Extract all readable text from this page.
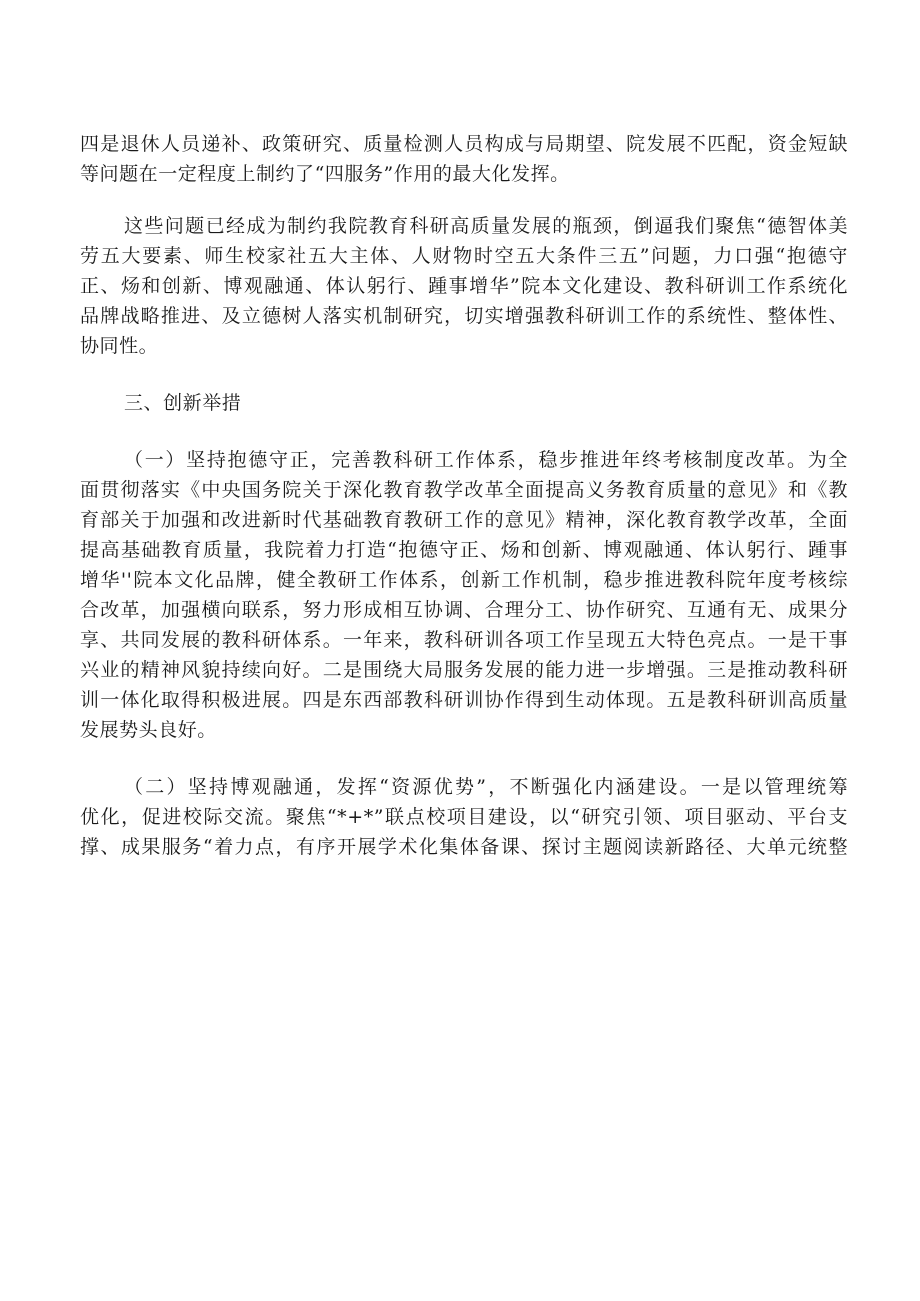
四是退休人员递补、政策研究、质量检测人员构成与局期望、院发展不匹配，资金短缺
等问题在一定程度上制约了“四服务”作用的最大化发挥。
这些问题已经成为制约我院教育科研高质量发展的瓶颈，倒逼我们聚焦“德智体美
劳五大要素、师生校家社五大主体、人财物时空五大条件三五”问题，力口强“抱德守
正、炀和创新、博观融通、体认躬行、踵事增华”院本文化建设、教科研训工作系统化
品牌战略推进、及立德树人落实机制研究，切实增强教科研训工作的系统性、整体性、
协同性。
三、创新举措
（一）坚持抱德守正，完善教科研工作体系，稳步推进年终考核制度改革。为全
面贯彻落实《中央国务院关于深化教育教学改革全面提高义务教育质量的意见》和《教
育部关于加强和改进新时代基础教育教研工作的意见》精神，深化教育教学改革，全面
提高基础教育质量，我院着力打造“抱德守正、炀和创新、博观融通、体认躬行、踵事
增华''院本文化品牌，健全教研工作体系，创新工作机制，稳步推进教科院年度考核综
合改革，加强横向联系，努力形成相互协调、合理分工、协作研究、互通有无、成果分
享、共同发展的教科研体系。一年来，教科研训各项工作呈现五大特色亮点。一是干事
兴业的精神风貌持续向好。二是围绕大局服务发展的能力进一步增强。三是推动教科研
训一体化取得积极进展。四是东西部教科研训协作得到生动体现。五是教科研训高质量
发展势头良好。
（二）坚持博观融通，发挥“资源优势”，不断强化内涵建设。一是以管理统筹
优化，促进校际交流。聚焦“*+*”联点校项目建设，以“研究引领、项目驱动、平台支
撑、成果服务“着力点，有序开展学术化集体备课、探讨主题阅读新路径、大单元统整
